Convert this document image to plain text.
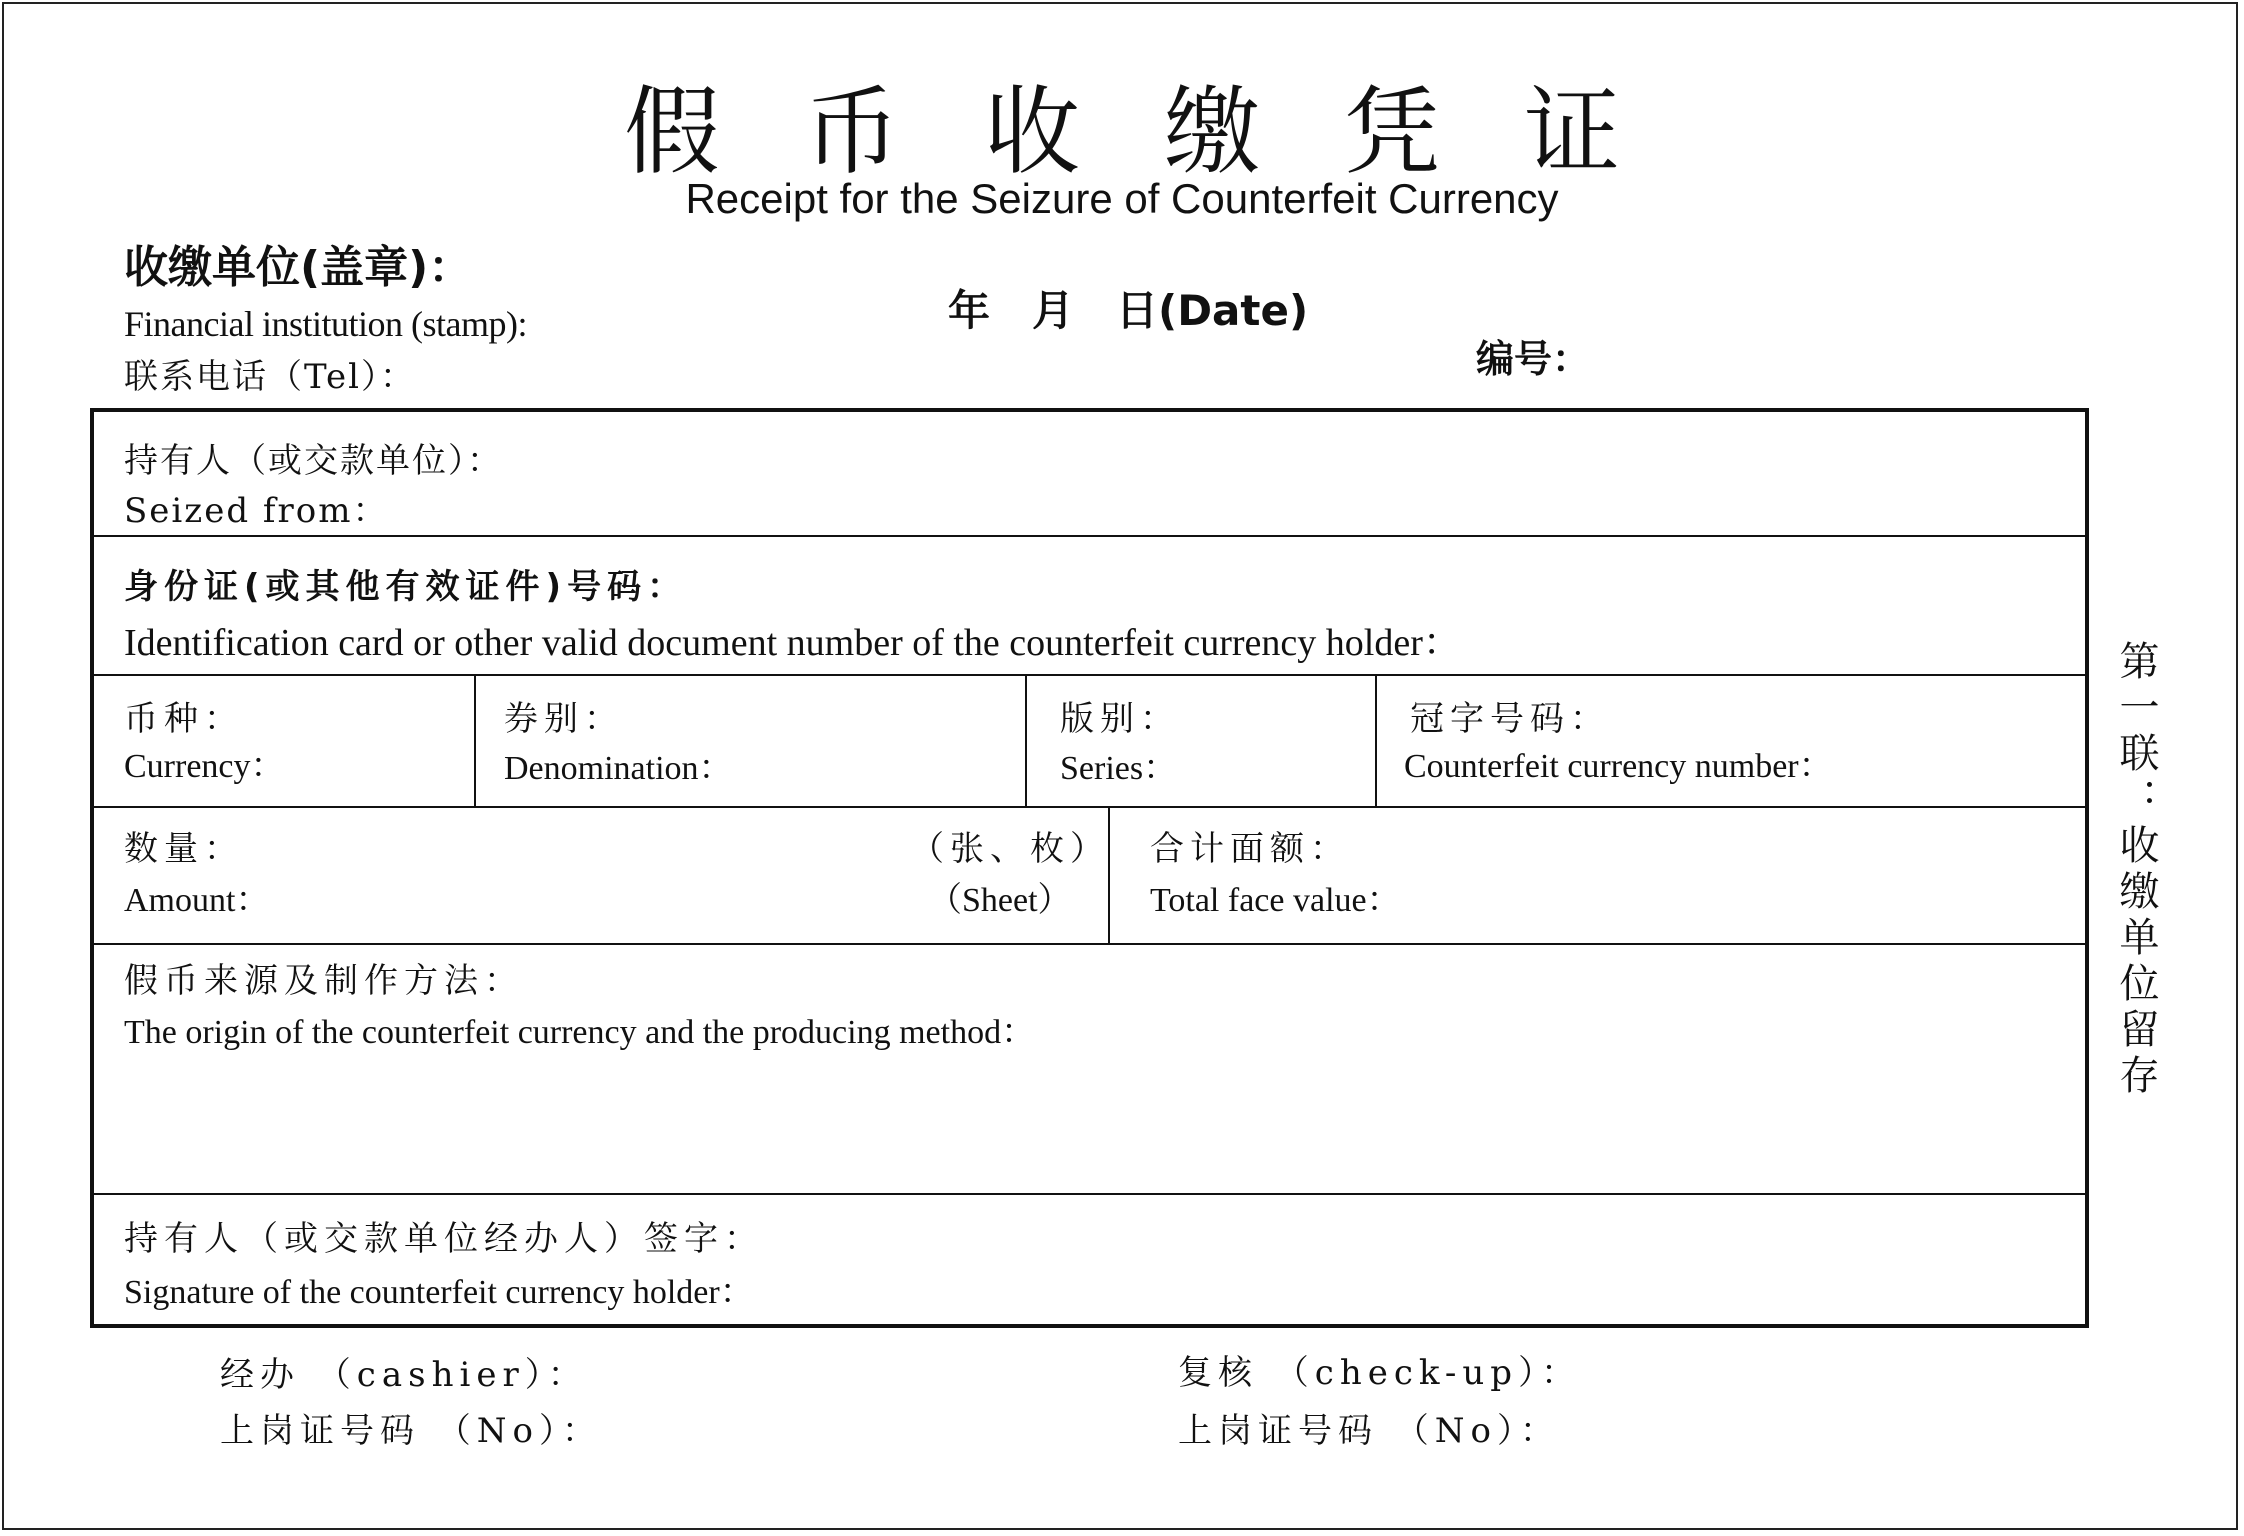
假币收缴凭证
Receipt for the Seizure of Counterfeit Currency
收缴单位(盖章)：
Financial institution (stamp):
联系电话（Tel）：
年　月　日(Date)
编号：
持有人（或交款单位）：
Seized from：
身份证(或其他有效证件)号码：
Identification card or other valid document number of the counterfeit currency holder：
币种：
Currency：
券别：
Denomination：
版别：
Series：
冠字号码：
Counterfeit currency number：
数量：
Amount：
（张、枚）
（Sheet）
合计面额：
Total face value：
假币来源及制作方法：
The origin of the counterfeit currency and the producing method：
持有人（或交款单位经办人）签字：
Signature of the counterfeit currency holder：
经办 （cashier）：
上岗证号码 （No）：
复核 （check-up）：
上岗证号码 （No）：
第一联：收缴单位留存
